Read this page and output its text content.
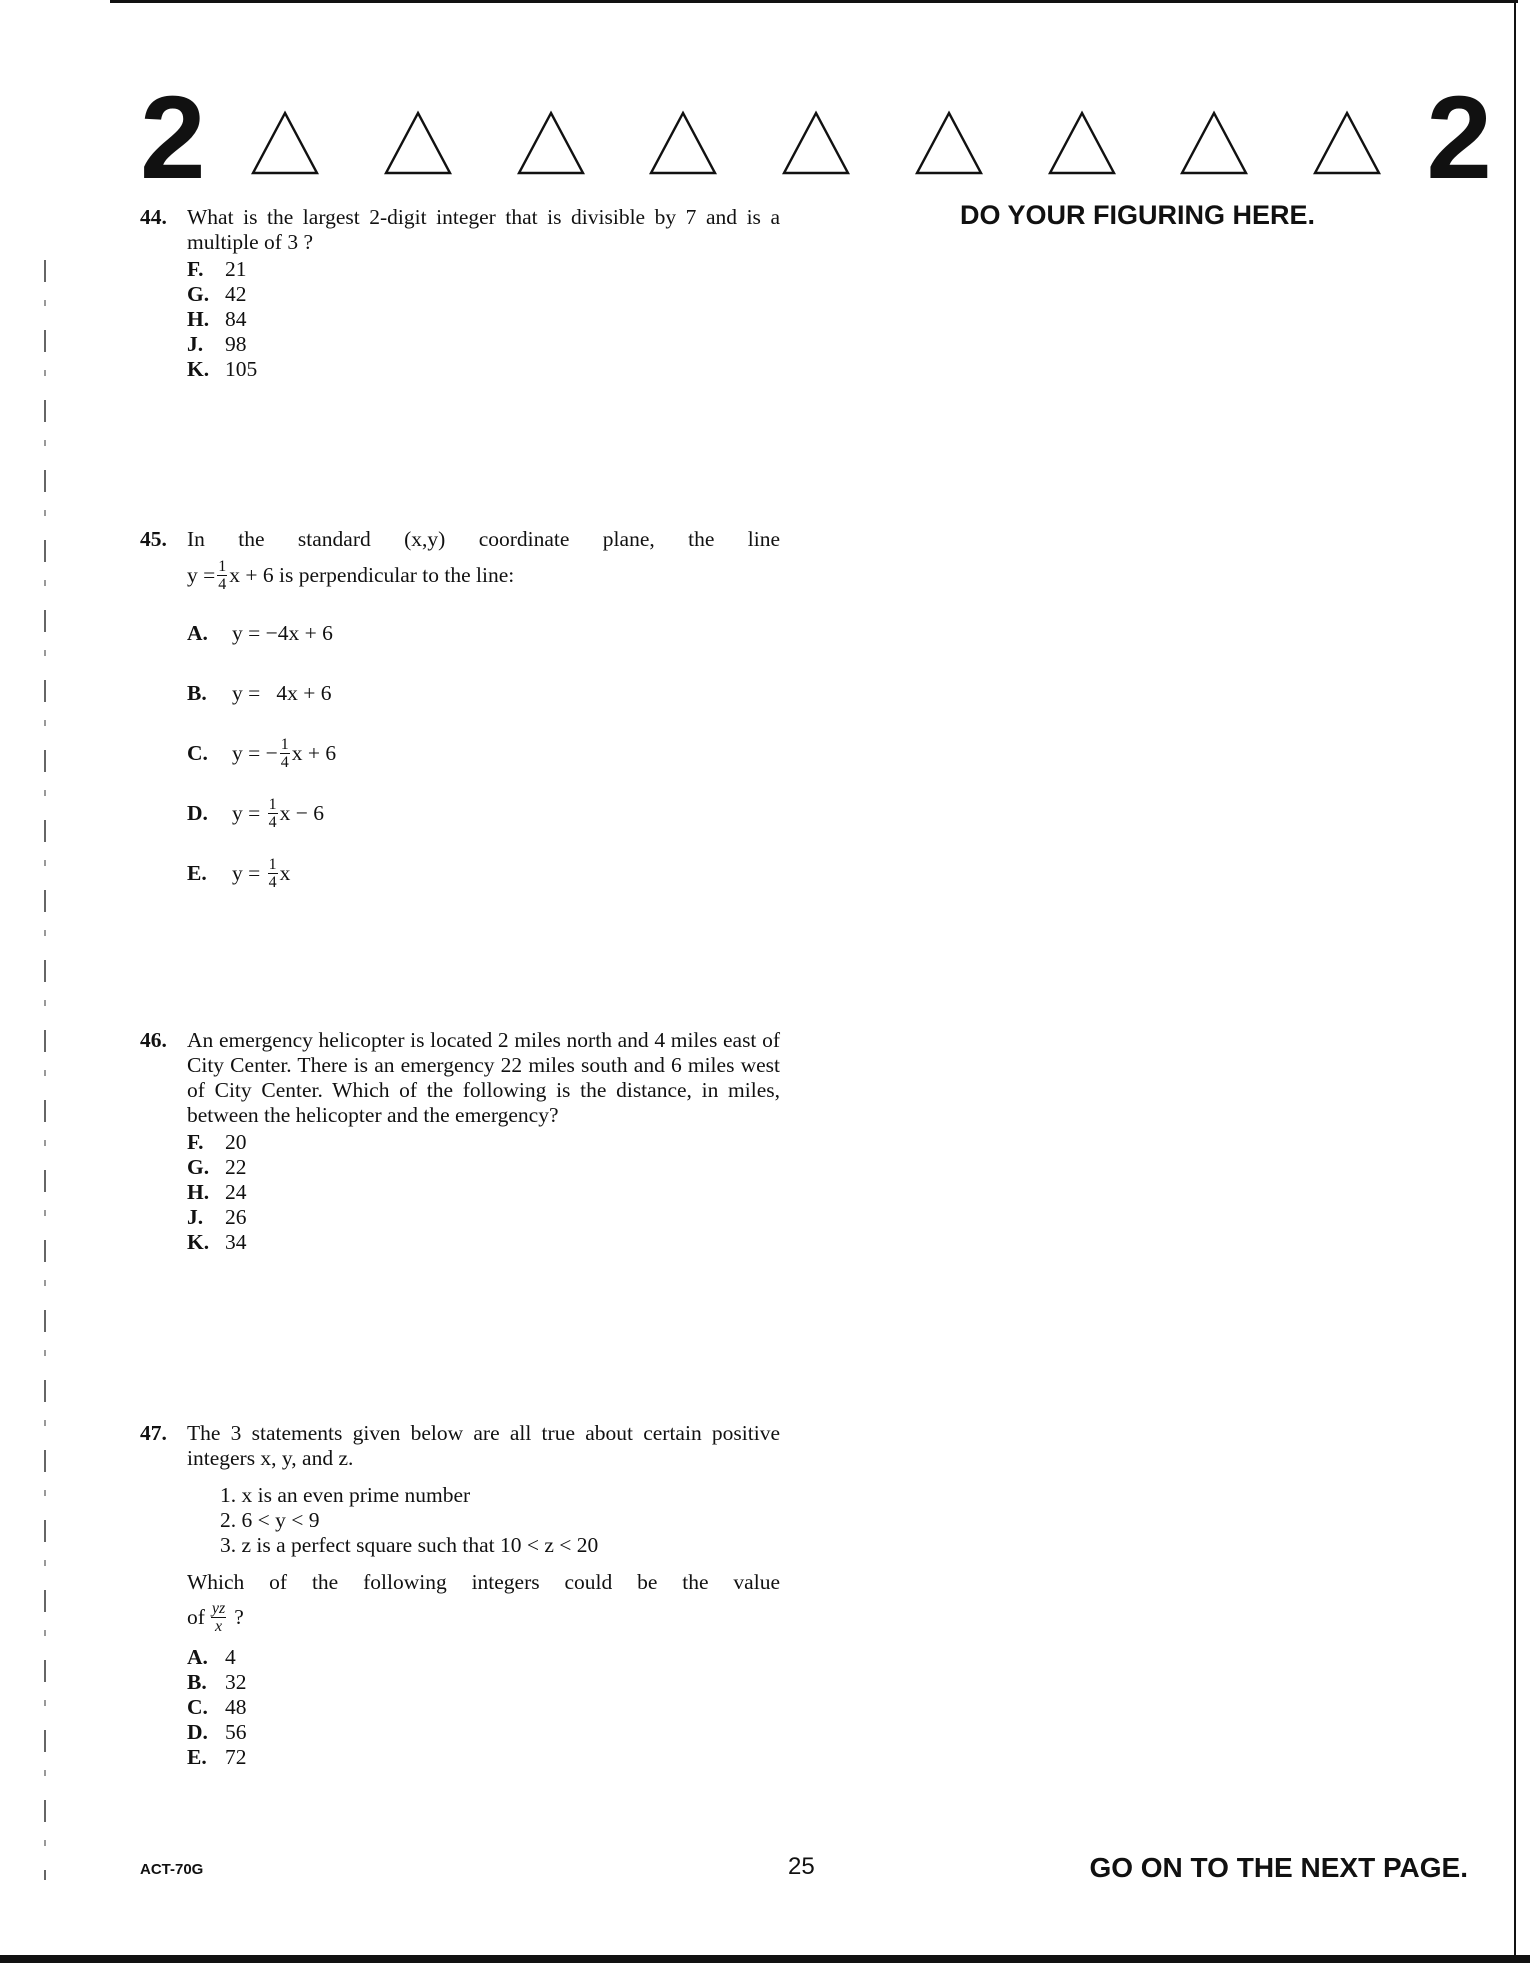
2	2
DO YOUR FIGURING HERE.
44. What is the largest 2-digit integer that is divisible by 7 and is a multiple of 3 ?
F. 21
G. 42
H. 84
J. 98
K. 105
45. In the standard (x,y) coordinate plane, the line
$y = \frac{1}{4}$ x + 6 is perpendicular to the line:
A.	y = −4x + 6
B.	y =   4x + 6
C.	y = − $\frac{1}{4}$ x + 6
D.	$y = \frac{1}{4}$ x − 6
E.	$y = \frac{1}{4}$ x
46. An emergency helicopter is located 2 miles north and 4 miles east of City Center. There is an emergency 22 miles south and 6 miles west of City Center. Which of the following is the distance, in miles, between the helicopter and the emergency?
F. 20
G. 22
H. 24
J. 26
K. 34
47. The 3 statements given below are all true about certain positive integers x, y, and z.
1. x is an even prime number
2. 6 < y < 9
3. z is a perfect square such that 10 < z < 20
Which of the following integers could be the value
of $\frac{yz}{x}$ ?
A. 4
B. 32
C. 48
D. 56
E. 72
ACT-70G	25	GO ON TO THE NEXT PAGE.
